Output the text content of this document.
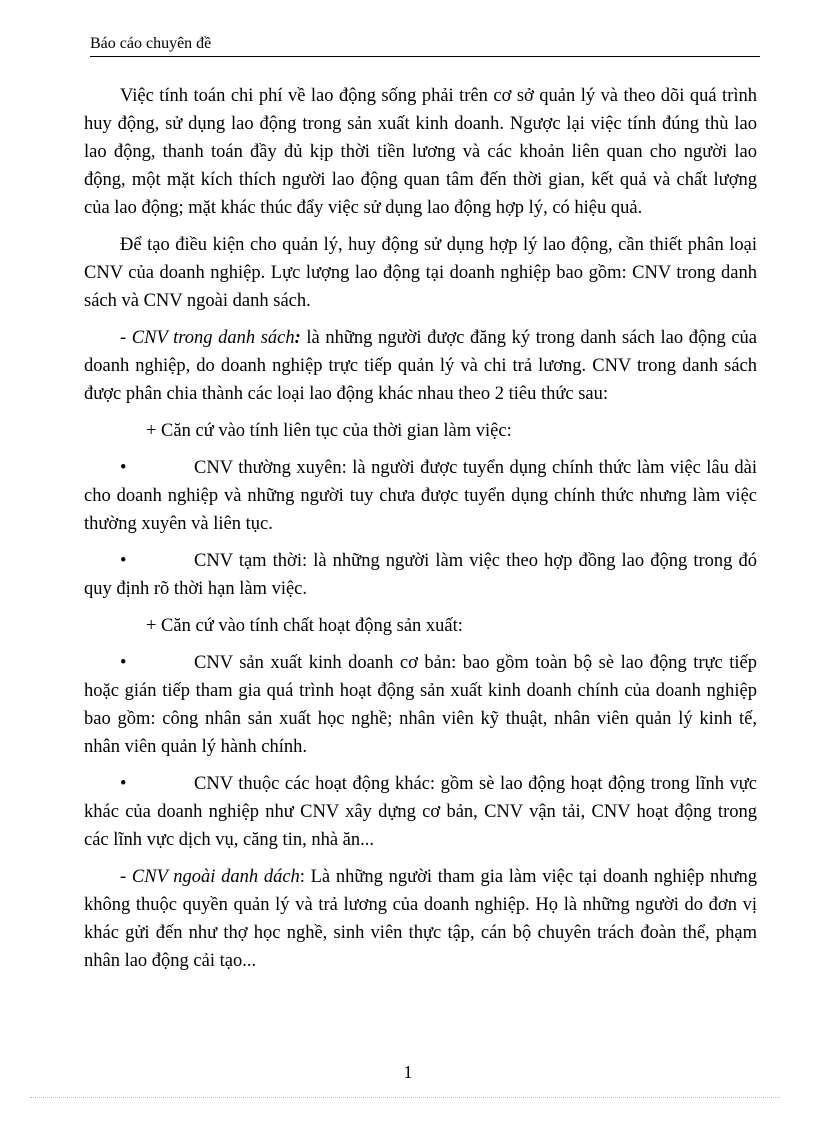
Báo cáo chuyên đề

Việc tính toán chi phí về lao động sống phải trên cơ sở quản lý và theo dõi quá trình huy động, sử dụng lao động trong sản xuất kinh doanh. Ngược lại việc tính đúng thù lao lao động, thanh toán đầy đủ kịp thời tiền lương và các khoản liên quan cho người lao động, một mặt kích thích người lao động quan tâm đến thời gian, kết quả và chất lượng của lao động; mặt khác thúc đẩy việc sử dụng lao động hợp lý, có hiệu quả.

Để tạo điều kiện cho quản lý, huy động sử dụng hợp lý lao động, cần thiết phân loại CNV của doanh nghiệp. Lực lượng lao động tại doanh nghiệp bao gồm: CNV trong danh sách và CNV ngoài danh sách.

- CNV trong danh sách: là những người được đăng ký trong danh sách lao động của doanh nghiệp, do doanh nghiệp trực tiếp quản lý và chi trả lương. CNV trong danh sách được phân chia thành các loại lao động khác nhau theo 2 tiêu thức sau:

+ Căn cứ vào tính liên tục của thời gian làm việc:

•	CNV thường xuyên: là người được tuyển dụng chính thức làm việc lâu dài cho doanh nghiệp và những người tuy chưa được tuyển dụng chính thức nhưng làm việc thường xuyên và liên tục.

•	CNV tạm thời: là những người làm việc theo hợp đồng lao động trong đó quy định rõ thời hạn làm việc.

+ Căn cứ vào tính chất hoạt động sản xuất:

•	CNV sản xuất kinh doanh cơ bản: bao gồm toàn bộ sè lao động trực tiếp hoặc gián tiếp tham gia quá trình hoạt động sản xuất kinh doanh chính của doanh nghiệp bao gồm: công nhân sản xuất học nghề; nhân viên kỹ thuật, nhân viên quản lý kinh tế, nhân viên quản lý hành chính.

•	CNV thuộc các hoạt động khác: gồm sè lao động hoạt động trong lĩnh vực khác của doanh nghiệp như CNV xây dựng cơ bản, CNV vận tải, CNV hoạt động trong các lĩnh vực dịch vụ, căng tin, nhà ăn...

- CNV ngoài danh dách: Là những người tham gia làm việc tại doanh nghiệp nhưng không thuộc quyền quản lý và trả lương của doanh nghiệp. Họ là những người do đơn vị khác gửi đến như thợ học nghề, sinh viên thực tập, cán bộ chuyên trách đoàn thể, phạm nhân lao động cải tạo...

1
